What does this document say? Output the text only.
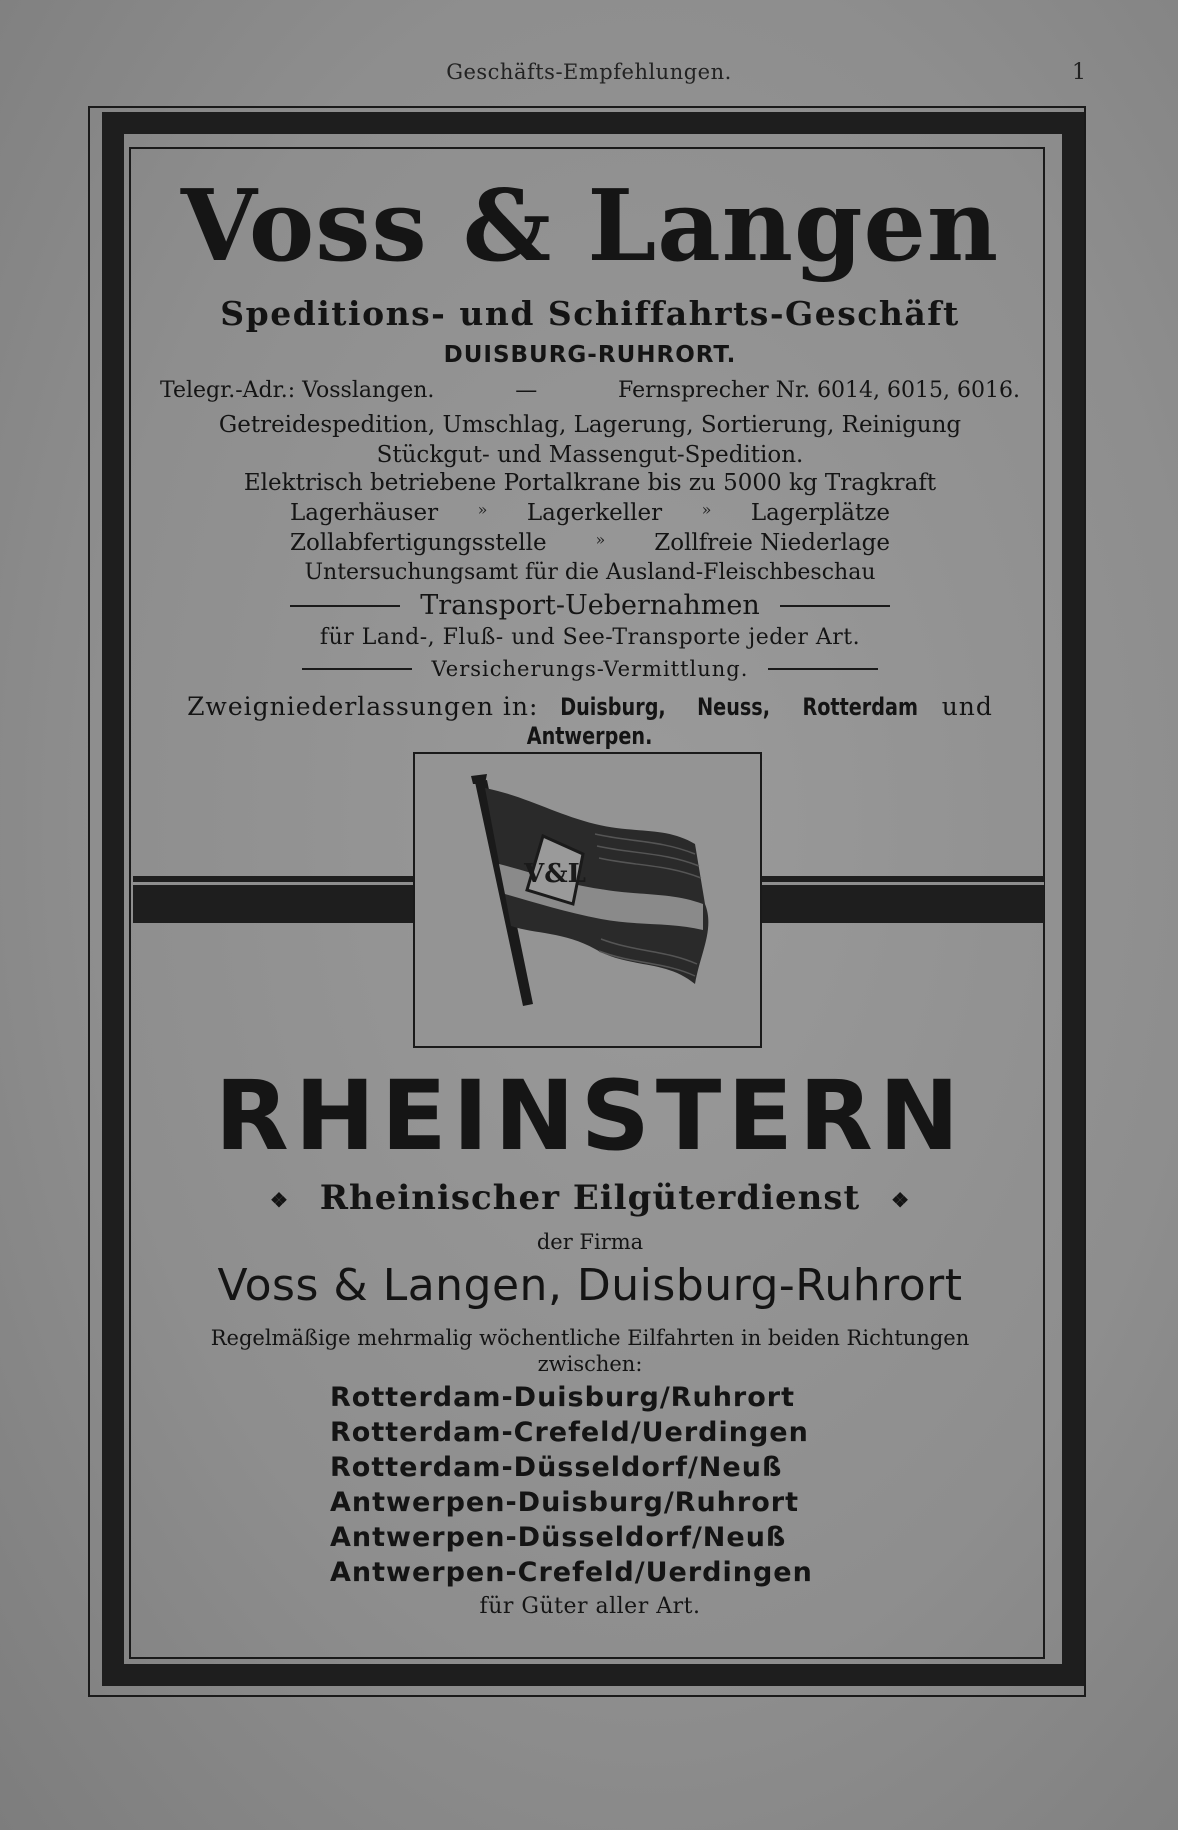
Geschäfts-Empfehlungen.	1
Voss & Langen
Speditions- und Schiffahrts-Geschäft
DUISBURG-RUHRORT.
Telegr.-Adr.: Vosslangen.	—	Fernsprecher Nr. 6014, 6015, 6016.
Getreidespedition, Umschlag, Lagerung, Sortierung, Reinigung
Stückgut- und Massengut-Spedition.
Elektrisch betriebene Portalkrane bis zu 5000 kg Tragkraft
Lagerhäuser » Lagerkeller » Lagerplätze
Zollabfertigungsstelle	» Zollfreie Niederlage
Untersuchungsamt für die Ausland-Fleischbeschau
Transport-Uebernahmen
für Land-, Fluß- und See-Transporte jeder Art.
Versicherungs-Vermittlung.
Zweigniederlassungen in: Duisburg, Neuss, Rotterdam und Antwerpen.
V&L
RHEINSTERN
❖ Rheinischer Eilgüterdienst ❖
der Firma
Voss & Langen, Duisburg-Ruhrort
Regelmäßige mehrmalig wöchentliche Eilfahrten in beiden Richtungen
zwischen:
Rotterdam-Duisburg/Ruhrort
Rotterdam-Crefeld/Uerdingen
Rotterdam-Düsseldorf/Neuß
Antwerpen-Duisburg/Ruhrort
Antwerpen-Düsseldorf/Neuß
Antwerpen-Crefeld/Uerdingen
für Güter aller Art.
